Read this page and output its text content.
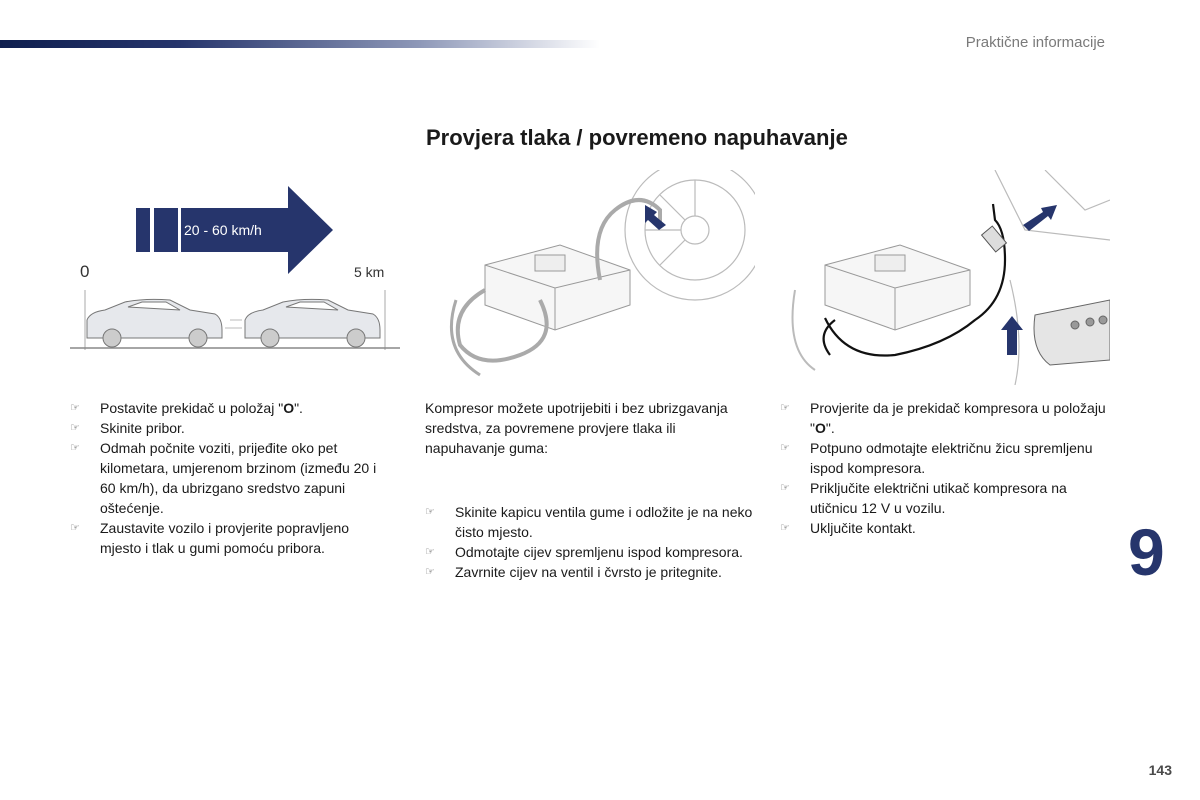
Praktične informacije
Provjera tlaka / povremeno napuhavanje
20 - 60 km/h
0	5 km
☞ Postavite prekidač u položaj "O".
☞ Skinite pribor.
☞ Odmah počnite voziti, prijeđite oko pet kilometara, umjerenom brzinom (između 20 i 60 km/h), da ubrizgano sredstvo zapuni oštećenje.
☞ Zaustavite vozilo i provjerite popravljeno mjesto i tlak u gumi pomoću pribora.

Kompresor možete upotrijebiti i bez ubrizgavanja sredstva, za povremene provjere tlaka ili napuhavanje guma:

☞ Skinite kapicu ventila gume i odložite je na neko čisto mjesto.
☞ Odmotajte cijev spremljenu ispod kompresora.
☞ Zavrnite cijev na ventil i čvrsto je pritegnite.
☞ Provjerite da je prekidač kompresora u položaju "O".
☞ Potpuno odmotajte električnu žicu spremljenu ispod kompresora.
☞ Priključite električni utikač kompresora na utičnicu 12 V u vozilu.
☞ Uključite kontakt.	9
143
